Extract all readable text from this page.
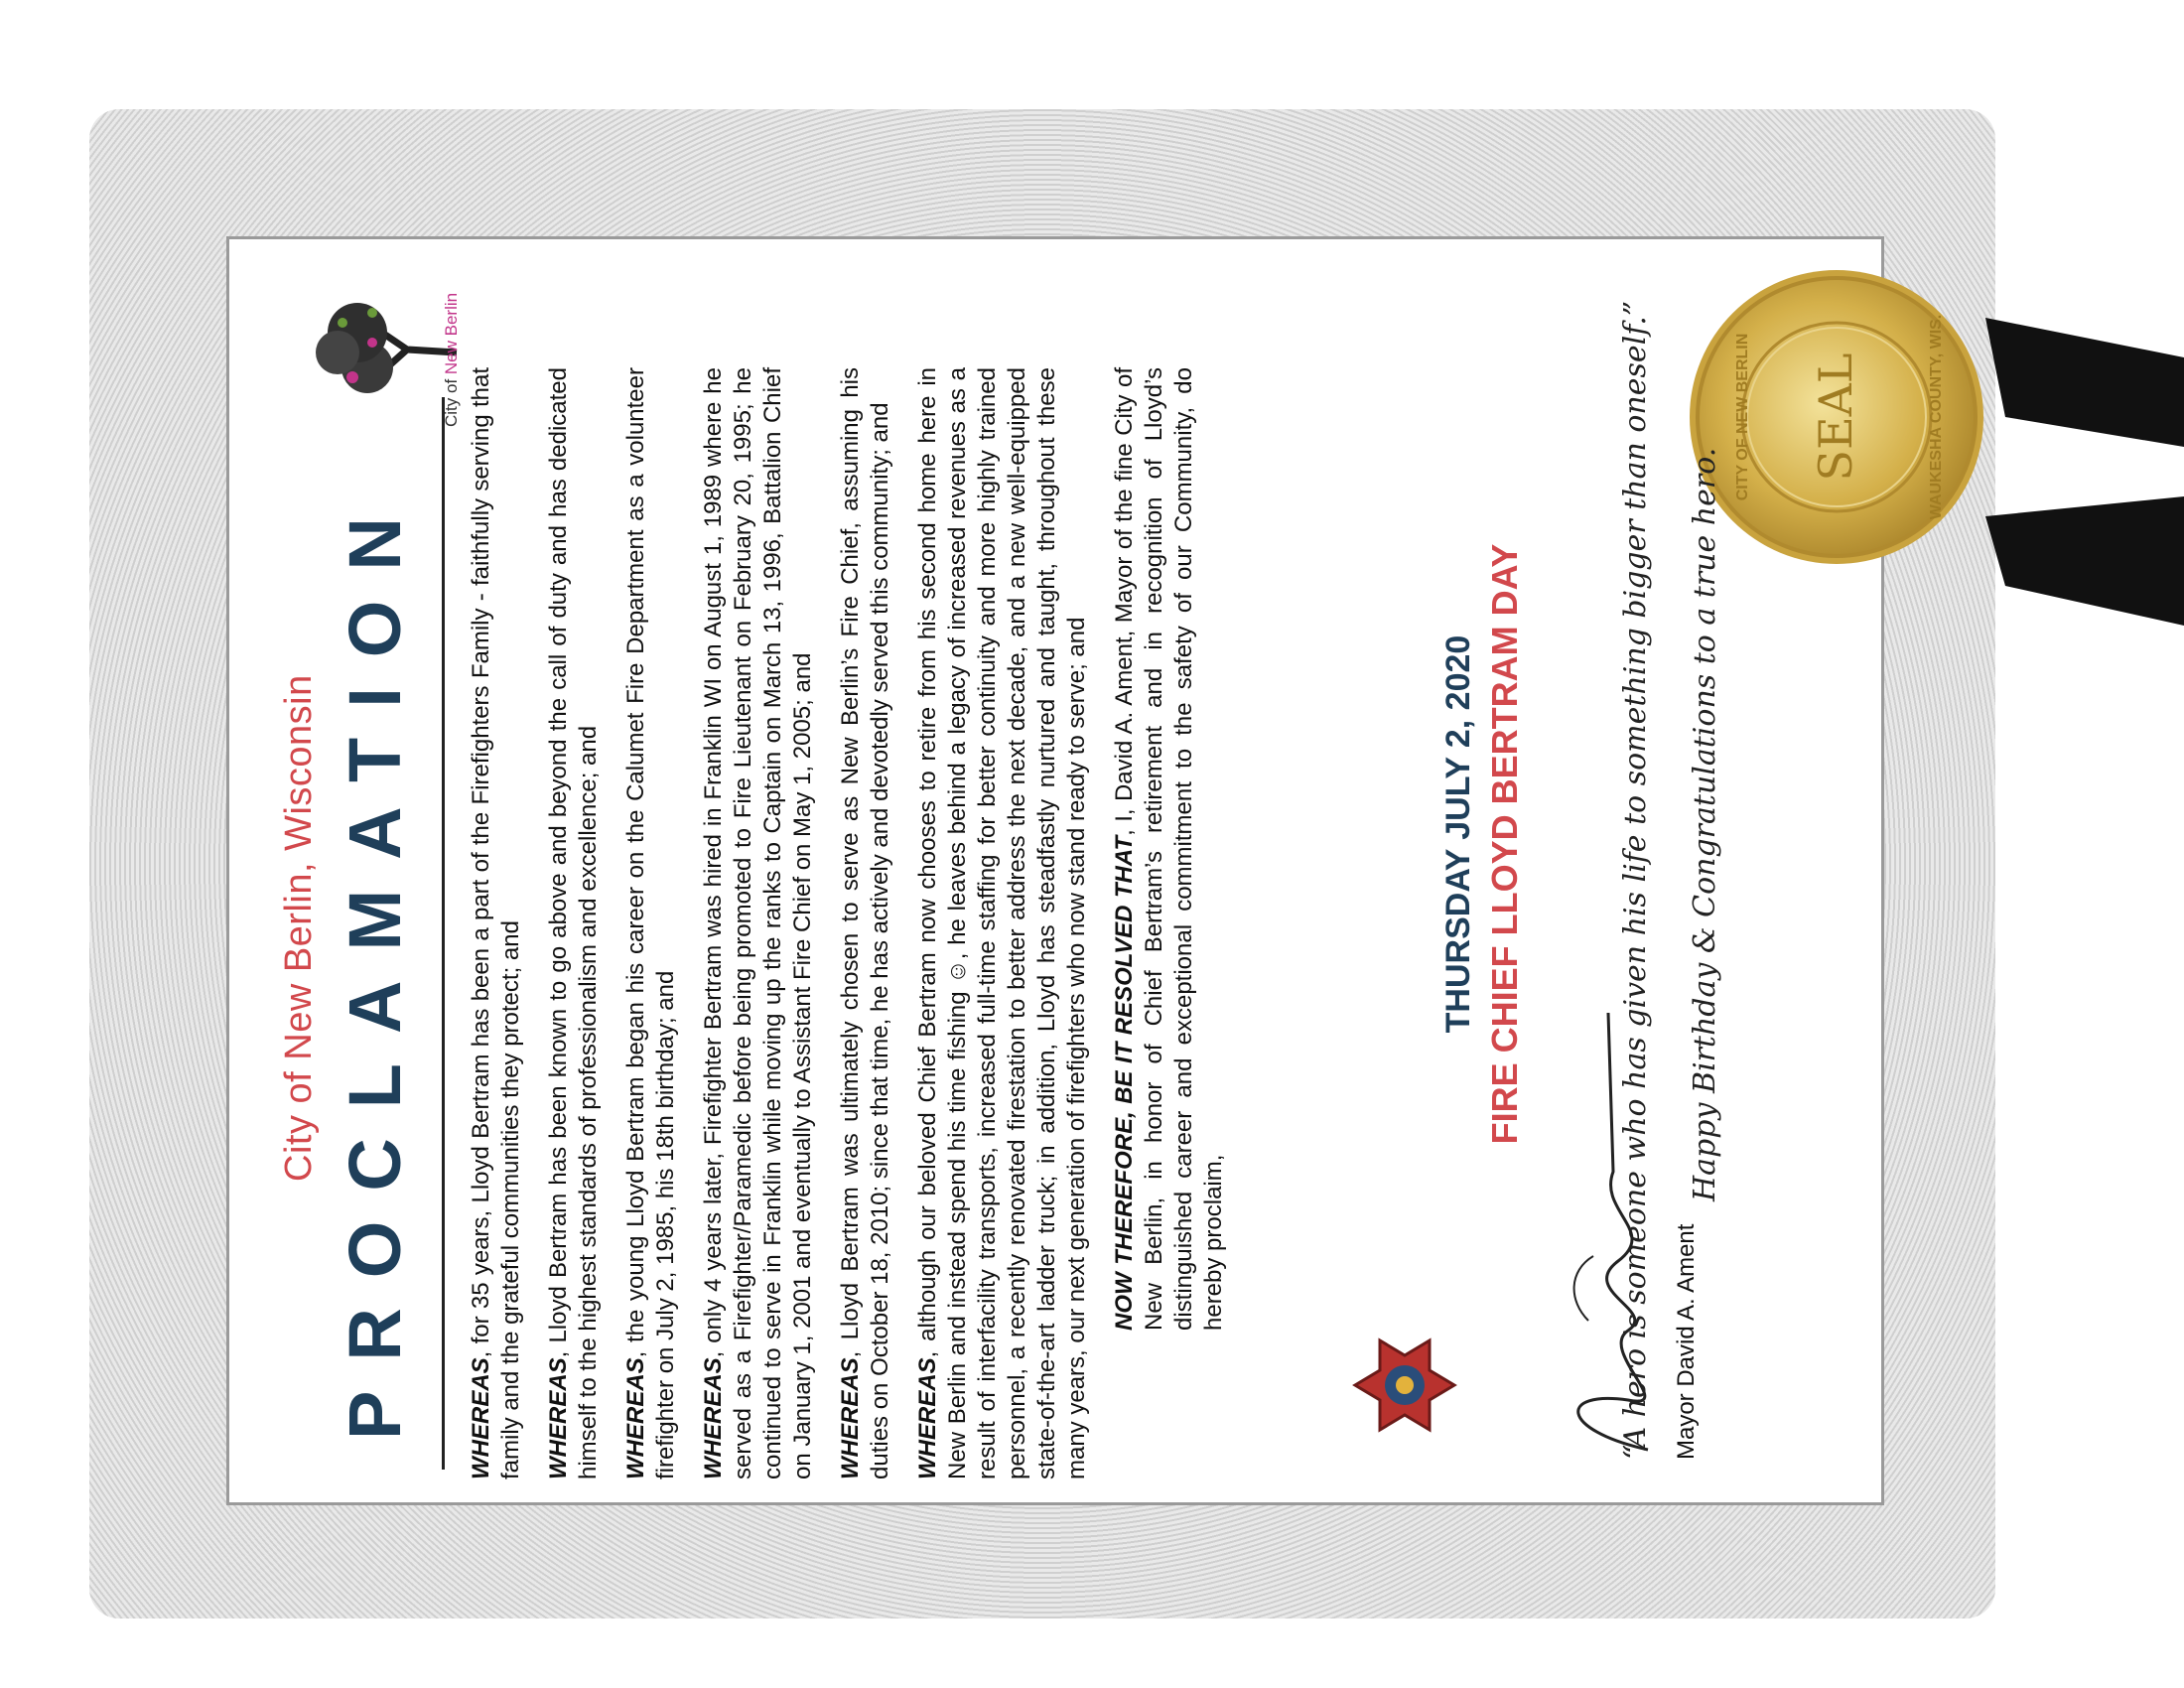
SEAL
CITY OF NEW BERLIN	WAUKESHA COUNTY, WIS.
City of New Berlin, Wisconsin PROCLAMATION
City of New Berlin

WHEREAS, for 35 years, Lloyd Bertram has been a part of the Firefighters Family - faithfully serving that family and the grateful communities they protect; and WHEREAS, Lloyd Bertram has been known to go above and beyond the call of duty and has dedicated himself to the highest standards of professionalism and excellence; and WHEREAS, the young Lloyd Bertram began his career on the Calumet Fire Department as a volunteer firefighter on July 2, 1985, his 18th birthday; and WHEREAS, only 4 years later, Firefighter Bertram was hired in Franklin WI on August 1, 1989 where he served as a Firefighter/Paramedic before being promoted to Fire Lieutenant on February 20, 1995; he continued to serve in Franklin while moving up the ranks to Captain on March 13, 1996, Battalion Chief on January 1, 2001 and eventually to Assistant Fire Chief on May 1, 2005; and WHEREAS, Lloyd Bertram was ultimately chosen to serve as New Berlin’s Fire Chief, assuming his duties on October 18, 2010; since that time, he has actively and devotedly served this community; and WHEREAS, although our beloved Chief Bertram now chooses to retire from his second home here in New Berlin and instead spend his time fishing ☺, he leaves behind a legacy of increased revenues as a result of interfacility transports, increased full-time staffing for better continuity and more highly trained personnel, a recently renovated firestation to better address the next decade, and a new well-equipped state-of-the-art ladder truck; in addition, Lloyd has steadfastly nurtured and taught, throughout these many years, our next generation of firefighters who now stand ready to serve; and NOW THEREFORE, BE IT RESOLVED THAT, I, David A. Ament, Mayor of the fine City of New Berlin, in honor of Chief Bertram’s retirement and in recognition of Lloyd’s distinguished career and exceptional commitment to the safety of our Community, do hereby proclaim,

THURSDAY JULY 2, 2020 FIRE CHIEF LLOYD BERTRAM DAY
Mayor David A. Ament
“A hero is someone who has given his life to something bigger than oneself.” Happy Birthday & Congratulations to a true hero.
